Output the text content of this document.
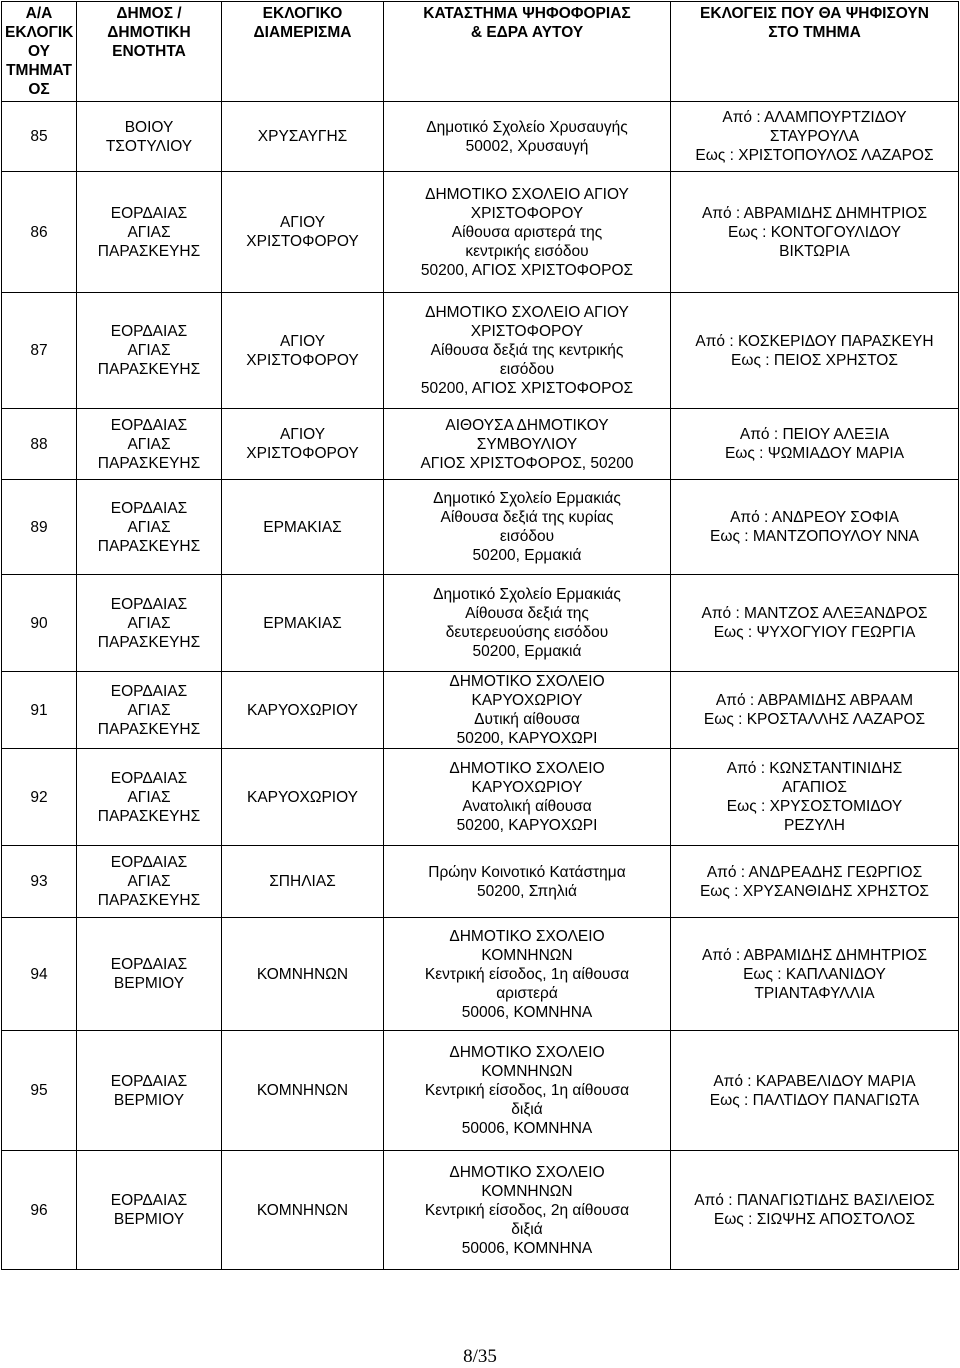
Α/Α
ΕΚΛΟΓΙΚ
ΟΥ
ΤΜΗΜΑΤ
ΟΣ	ΔΗΜΟΣ /
ΔΗΜΟΤΙΚΗ
ΕΝΟΤΗΤΑ	ΕΚΛΟΓΙΚΟ
ΔΙΑΜΕΡΙΣΜΑ	ΚΑΤΑΣΤΗΜΑ ΨΗΦΟΦΟΡΙΑΣ
& ΕΔΡΑ ΑΥΤΟΥ	ΕΚΛΟΓΕΙΣ ΠΟΥ ΘΑ ΨΗΦΙΣΟΥΝ
ΣΤΟ ΤΜΗΜΑ

85	ΒΟΙΟΥ
ΤΣΟΤΥΛΙΟΥ	ΧΡΥΣΑΥΓΗΣ	Δημοτικό Σχολείο Χρυσαυγής
50002, Χρυσαυγή	Από : ΑΛΑΜΠΟΥΡΤΖΙΔΟΥ
ΣΤΑΥΡΟΥΛΑ
Εως : ΧΡΙΣΤΟΠΟΥΛΟΣ ΛΑΖΑΡΟΣ

86	ΕΟΡΔΑΙΑΣ
ΑΓΙΑΣ
ΠΑΡΑΣΚΕΥΗΣ	ΑΓΙΟΥ
ΧΡΙΣΤΟΦΟΡΟΥ	ΔΗΜΟΤΙΚΟ ΣΧΟΛΕΙΟ ΑΓΙΟΥ
ΧΡΙΣΤΟΦΟΡΟΥ
Αίθουσα αριστερά της
κεντρικής εισόδου
50200, ΑΓΙΟΣ ΧΡΙΣΤΟΦΟΡΟΣ	Από : ΑΒΡΑΜΙΔΗΣ ΔΗΜΗΤΡΙΟΣ
Εως : ΚΟΝΤΟΓΟΥΛΙΔΟΥ
ΒΙΚΤΩΡΙΑ

87	ΕΟΡΔΑΙΑΣ
ΑΓΙΑΣ
ΠΑΡΑΣΚΕΥΗΣ	ΑΓΙΟΥ
ΧΡΙΣΤΟΦΟΡΟΥ	ΔΗΜΟΤΙΚΟ ΣΧΟΛΕΙΟ ΑΓΙΟΥ
ΧΡΙΣΤΟΦΟΡΟΥ
Αίθουσα δεξιά της κεντρικής
εισόδου
50200, ΑΓΙΟΣ ΧΡΙΣΤΟΦΟΡΟΣ	Από : ΚΟΣΚΕΡΙΔΟΥ ΠΑΡΑΣΚΕΥΗ
Εως : ΠΕΙΟΣ ΧΡΗΣΤΟΣ

88	ΕΟΡΔΑΙΑΣ
ΑΓΙΑΣ
ΠΑΡΑΣΚΕΥΗΣ	ΑΓΙΟΥ
ΧΡΙΣΤΟΦΟΡΟΥ	ΑΙΘΟΥΣΑ ΔΗΜΟΤΙΚΟΥ
ΣΥΜΒΟΥΛΙΟΥ
ΑΓΙΟΣ ΧΡΙΣΤΟΦΟΡΟΣ, 50200	Από : ΠΕΙΟΥ ΑΛΕΞΙΑ
Εως : ΨΩΜΙΑΔΟΥ ΜΑΡΙΑ

89	ΕΟΡΔΑΙΑΣ
ΑΓΙΑΣ
ΠΑΡΑΣΚΕΥΗΣ	ΕΡΜΑΚΙΑΣ	Δημοτικό Σχολείο Ερμακιάς
Αίθουσα δεξιά της κυρίας
εισόδου
50200, Ερμακιά	Από : ΑΝΔΡΕΟΥ ΣΟΦΙΑ
Εως : ΜΑΝΤΖΟΠΟΥΛΟΥ ΝΝΑ

90	ΕΟΡΔΑΙΑΣ
ΑΓΙΑΣ
ΠΑΡΑΣΚΕΥΗΣ	ΕΡΜΑΚΙΑΣ	Δημοτικό Σχολείο Ερμακιάς
Αίθουσα δεξιά της
δευτερευούσης εισόδου
50200, Ερμακιά	Από : ΜΑΝΤΖΟΣ ΑΛΕΞΑΝΔΡΟΣ
Εως : ΨΥΧΟΓΥΙΟΥ ΓΕΩΡΓΙΑ

91	ΕΟΡΔΑΙΑΣ
ΑΓΙΑΣ
ΠΑΡΑΣΚΕΥΗΣ	ΚΑΡΥΟΧΩΡΙΟΥ	ΔΗΜΟΤΙΚΟ ΣΧΟΛΕΙΟ
ΚΑΡΥΟΧΩΡΙΟΥ
Δυτική αίθουσα
50200, ΚΑΡΥΟΧΩΡΙ	Από : ΑΒΡΑΜΙΔΗΣ ΑΒΡΑΑΜ
Εως : ΚΡΟΣΤΑΛΛΗΣ ΛΑΖΑΡΟΣ

92	ΕΟΡΔΑΙΑΣ
ΑΓΙΑΣ
ΠΑΡΑΣΚΕΥΗΣ	ΚΑΡΥΟΧΩΡΙΟΥ	ΔΗΜΟΤΙΚΟ ΣΧΟΛΕΙΟ
ΚΑΡΥΟΧΩΡΙΟΥ
Ανατολική αίθουσα
50200, ΚΑΡΥΟΧΩΡΙ	Από : ΚΩΝΣΤΑΝΤΙΝΙΔΗΣ
ΑΓΑΠΙΟΣ
Εως : ΧΡΥΣΟΣΤΟΜΙΔΟΥ
ΡΕΖΥΛΗ

93	ΕΟΡΔΑΙΑΣ
ΑΓΙΑΣ
ΠΑΡΑΣΚΕΥΗΣ	ΣΠΗΛΙΑΣ	Πρώην Κοινοτικό Κατάστημα
50200, Σπηλιά	Από : ΑΝΔΡΕΑΔΗΣ ΓΕΩΡΓΙΟΣ
Εως : ΧΡΥΣΑΝΘΙΔΗΣ ΧΡΗΣΤΟΣ

94	ΕΟΡΔΑΙΑΣ
ΒΕΡΜΙΟΥ	ΚΟΜΝΗΝΩΝ	ΔΗΜΟΤΙΚΟ ΣΧΟΛΕΙΟ
ΚΟΜΝΗΝΩΝ
Κεντρική είσοδος, 1η αίθουσα
αριστερά
50006, ΚΟΜΝΗΝΑ	Από : ΑΒΡΑΜΙΔΗΣ ΔΗΜΗΤΡΙΟΣ
Εως : ΚΑΠΛΑΝΙΔΟΥ
ΤΡΙΑΝΤΑΦΥΛΛΙΑ

95	ΕΟΡΔΑΙΑΣ
ΒΕΡΜΙΟΥ	ΚΟΜΝΗΝΩΝ	ΔΗΜΟΤΙΚΟ ΣΧΟΛΕΙΟ
ΚΟΜΝΗΝΩΝ
Κεντρική είσοδος, 1η αίθουσα
διξιά
50006, ΚΟΜΝΗΝΑ	Από : ΚΑΡΑΒΕΛΙΔΟΥ ΜΑΡΙΑ
Εως : ΠΑΛΤΙΔΟΥ ΠΑΝΑΓΙΩΤΑ

96	ΕΟΡΔΑΙΑΣ
ΒΕΡΜΙΟΥ	ΚΟΜΝΗΝΩΝ	ΔΗΜΟΤΙΚΟ ΣΧΟΛΕΙΟ
ΚΟΜΝΗΝΩΝ
Κεντρική είσοδος, 2η αίθουσα
διξιά
50006, ΚΟΜΝΗΝΑ	Από : ΠΑΝΑΓΙΩΤΙΔΗΣ ΒΑΣΙΛΕΙΟΣ
Εως : ΣΙΩΨΗΣ ΑΠΟΣΤΟΛΟΣ
8/35
